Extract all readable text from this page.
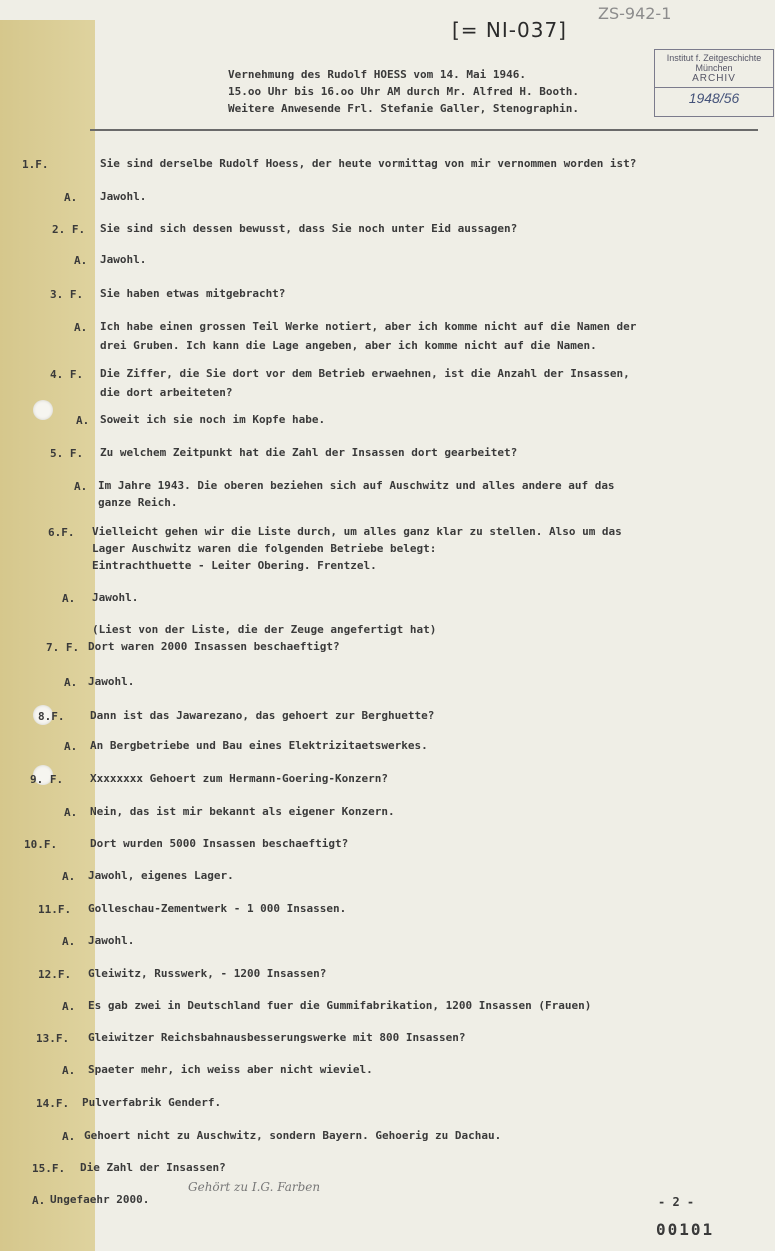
[= NI-037]
ZS-942-1
Institut f. Zeitgeschichte
München
ARCHIV
1948/56
Vernehmung des Rudolf HOESS vom 14. Mai 1946.
15.oo Uhr bis 16.oo Uhr AM durch Mr. Alfred H. Booth.
Weitere Anwesende Frl. Stefanie Galler, Stenographin.
1.F.	Sie sind derselbe Rudolf Hoess, der heute vormittag von mir vernommen worden ist?
A. Jawohl.
2. F. Sie sind sich dessen bewusst, dass Sie noch unter Eid aussagen?
A. Jawohl.
3. F. Sie haben etwas mitgebracht?
A. Ich habe einen grossen Teil Werke notiert, aber ich komme nicht auf die Namen der
drei Gruben. Ich kann die Lage angeben, aber ich komme nicht auf die Namen.
4. F. Die Ziffer, die Sie dort vor dem Betrieb erwaehnen, ist die Anzahl der Insassen,
die dort arbeiteten?
A. Soweit ich sie noch im Kopfe habe.
5. F. Zu welchem Zeitpunkt hat die Zahl der Insassen dort gearbeitet?
A. Im Jahre 1943. Die oberen beziehen sich auf Auschwitz und alles andere auf das
ganze Reich.
6.F. Vielleicht gehen wir die Liste durch, um alles ganz klar zu stellen. Also um das
Lager Auschwitz waren die folgenden Betriebe belegt:
Eintrachthuette - Leiter Obering. Frentzel.
A. Jawohl.
(Liest von der Liste, die der Zeuge angefertigt hat)
7. F. Dort waren 2000 Insassen beschaeftigt?
A. Jawohl.
8.F. Dann ist das Jawarezano, das gehoert zur Berghuette?
A. An Bergbetriebe und Bau eines Elektrizitaetswerkes.
9. F. Xxxxxxxx Gehoert zum Hermann-Goering-Konzern?
A. Nein, das ist mir bekannt als eigener Konzern.
10.F.	Dort wurden 5000 Insassen beschaeftigt?
A. Jawohl, eigenes Lager.
11.F. Golleschau-Zementwerk - 1 000 Insassen.
A. Jawohl.
12.F. Gleiwitz, Russwerk, - 1200 Insassen?
A. Es gab zwei in Deutschland fuer die Gummifabrikation, 1200 Insassen (Frauen)
13.F. Gleiwitzer Reichsbahnausbesserungswerke mit 800 Insassen?
A. Spaeter mehr, ich weiss aber nicht wieviel.
14.F. Pulverfabrik Genderf.
A. Gehoert nicht zu Auschwitz, sondern Bayern. Gehoerig zu Dachau.
15.F. Die Zahl der Insassen?
A. Ungefaehr 2000.
Gehört zu I.G. Farben
- 2 -
00101
